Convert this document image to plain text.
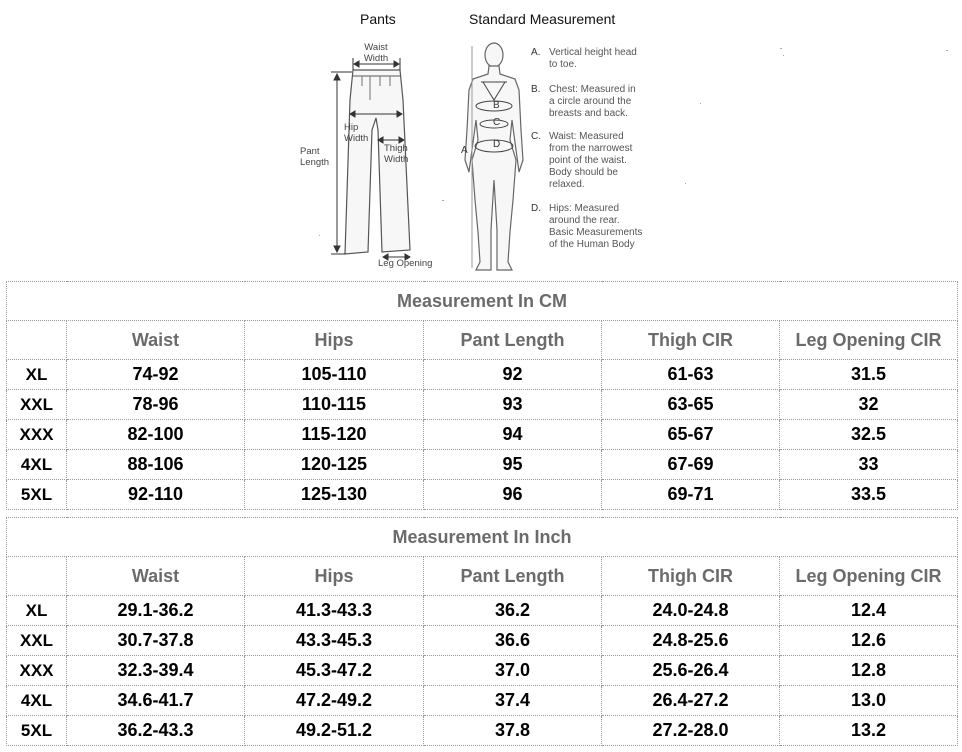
Pants	Standard Measurement
Waist
Width
Hip
Width
Pant
Length
Thigh
Width
Leg Opening
A
B
C
D
A. Vertical height head
to toe.
B. Chest: Measured in
a circle around the
breasts and back.
C. Waist: Measured
from the narrowest
point of the waist.
Body should be
relaxed.
D. Hips: Measured
around the rear.
Basic Measurements
of the Human Body
Measurement In CM					
	Waist	Hips	Pant Length	Thigh CIR	Leg Opening CIR
XL	74-92	105-110	92	61-63	31.5
XXL	78-96	110-115	93	63-65	32
XXX	82-100	115-120	94	65-67	32.5
4XL	88-106	120-125	95	67-69	33
5XL	92-110	125-130	96	69-71	33.5
Measurement In Inch					
	Waist	Hips	Pant Length	Thigh CIR	Leg Opening CIR
XL	29.1-36.2	41.3-43.3	36.2	24.0-24.8	12.4
XXL	30.7-37.8	43.3-45.3	36.6	24.8-25.6	12.6
XXX	32.3-39.4	45.3-47.2	37.0	25.6-26.4	12.8
4XL	34.6-41.7	47.2-49.2	37.4	26.4-27.2	13.0
5XL	36.2-43.3	49.2-51.2	37.8	27.2-28.0	13.2
